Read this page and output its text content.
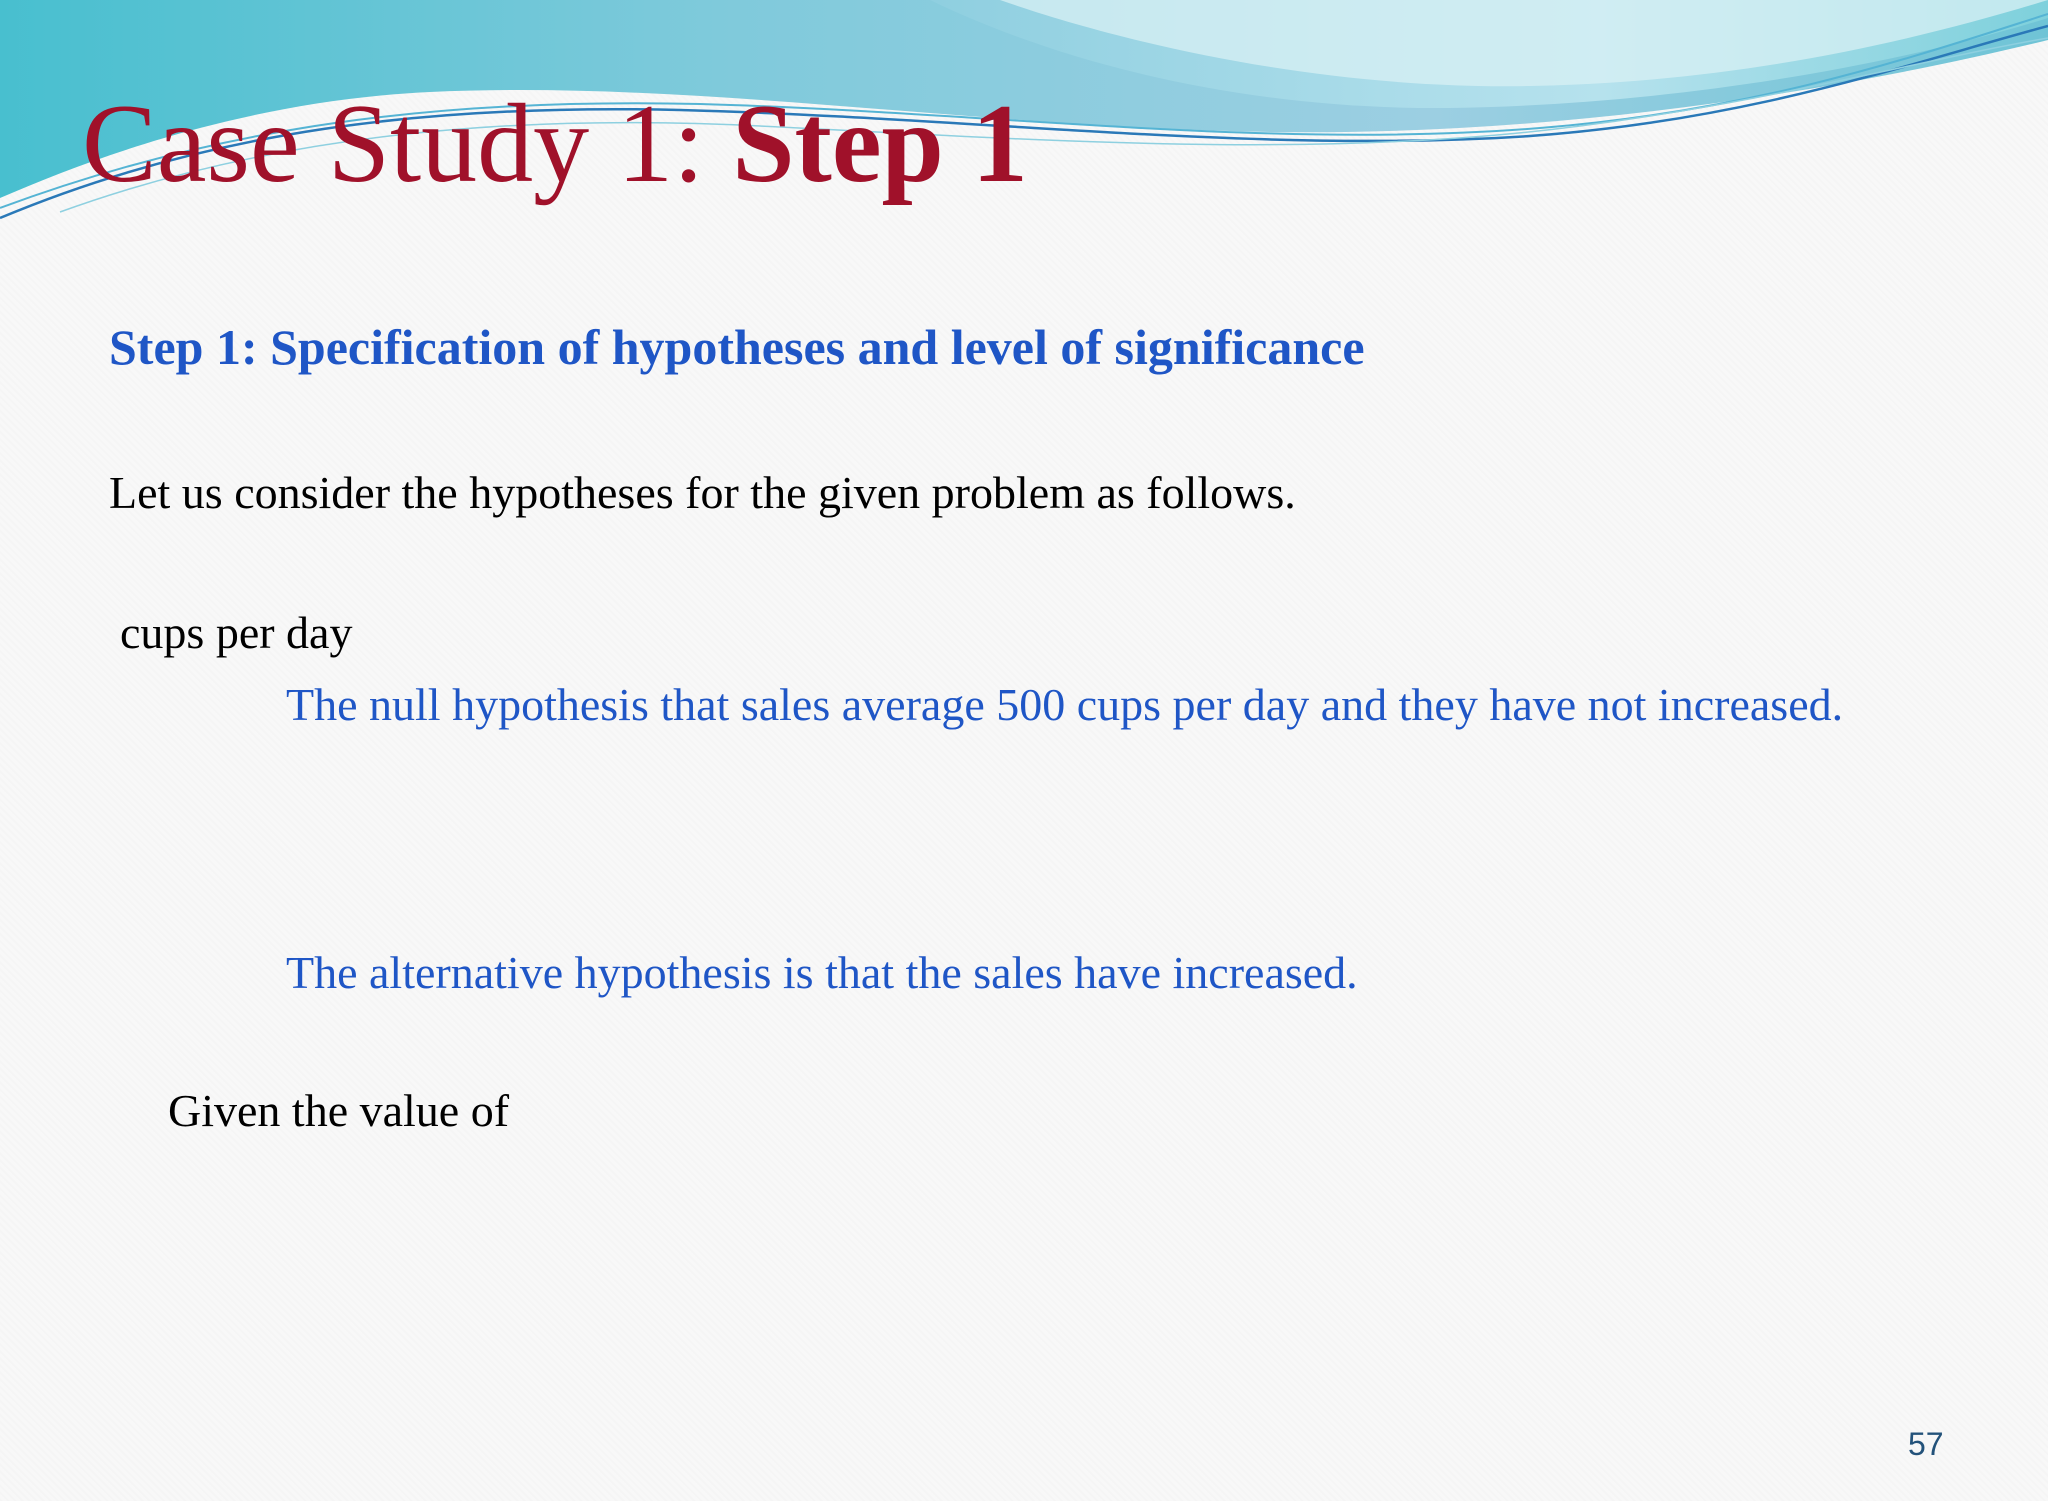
Case Study 1: Step 1

Step 1: Specification of hypotheses and level of significance

Let us consider the hypotheses for the given problem as follows.

cups per day

The null hypothesis that sales average 500 cups per day and they have not increased.

The alternative hypothesis is that the sales have increased.

Given the value of

57
